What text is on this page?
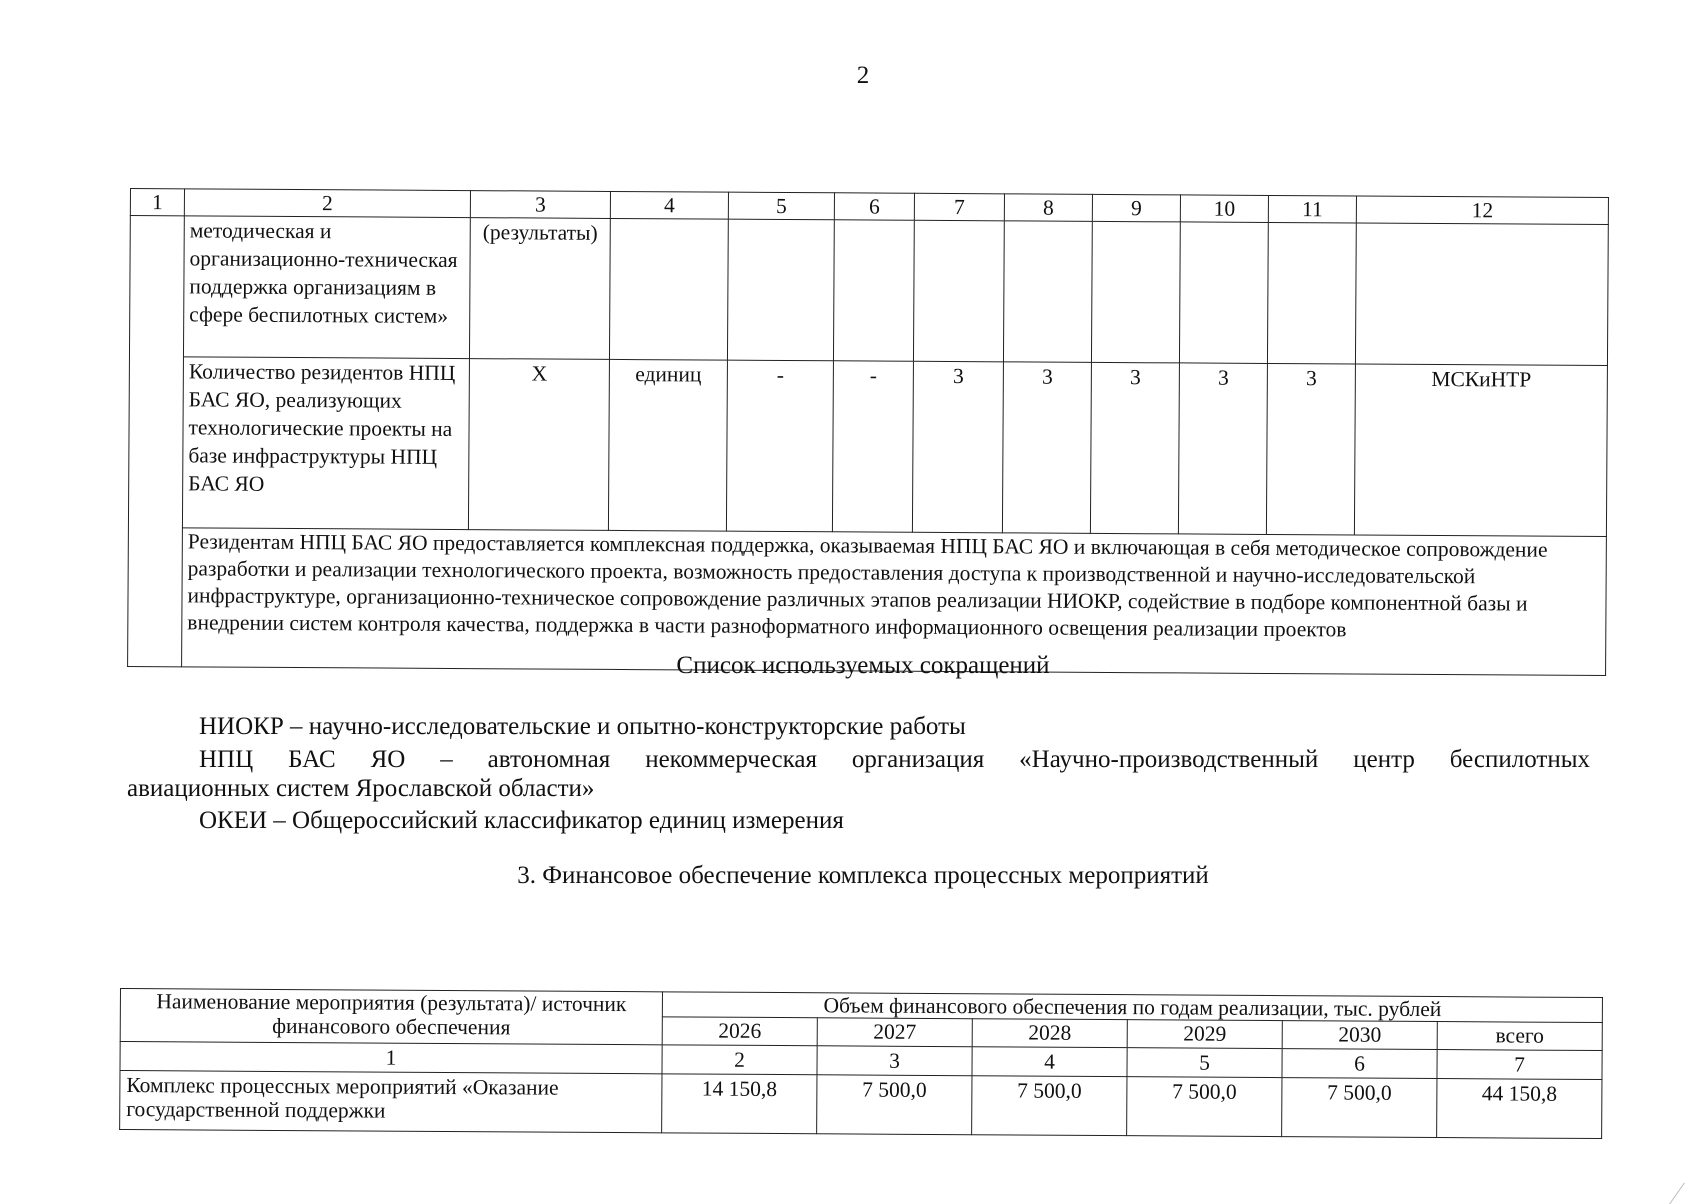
2
1	2	3	4	5	6	7	8	9	10	11	12
	методическая и организационно-техническая поддержка организациям в сфере беспилотных систем»	(результаты)									
	Количество резидентов НПЦ БАС ЯО, реализующих технологические проекты на базе инфраструктуры НПЦ БАС ЯО	Х	единиц	-	-	3	3	3	3	3	МСКиНТР
	Резидентам НПЦ БАС ЯО предоставляется комплексная поддержка, оказываемая НПЦ БАС ЯО и включающая в себя методическое сопровождение разработки и реализации технологического проекта, возможность предоставления доступа к производственной и научно-исследовательской инфраструктуре, организационно-техническое сопровождение различных этапов реализации НИОКР, содействие в подборе компонентной базы и внедрении систем контроля качества, поддержка в части разноформатного информационного освещения реализации проектов										
Список используемых сокращений
НИОКР – научно-исследовательские и опытно-конструкторские работы
НПЦ БАС ЯО – автономная некоммерческая организация «Научно-производственный центр беспилотных
авиационных систем Ярославской области»
ОКЕИ – Общероссийский классификатор единиц измерения
3. Финансовое обеспечение комплекса процессных мероприятий
Наименование мероприятия (результата)/ источник финансового обеспечения	Объем финансового обеспечения по годам реализации, тыс. рублей					
	2026	2027	2028	2029	2030	всего
1	2	3	4	5	6	7
Комплекс процессных мероприятий «Оказание государственной поддержки	14 150,8	7 500,0	7 500,0	7 500,0	7 500,0	44 150,8
